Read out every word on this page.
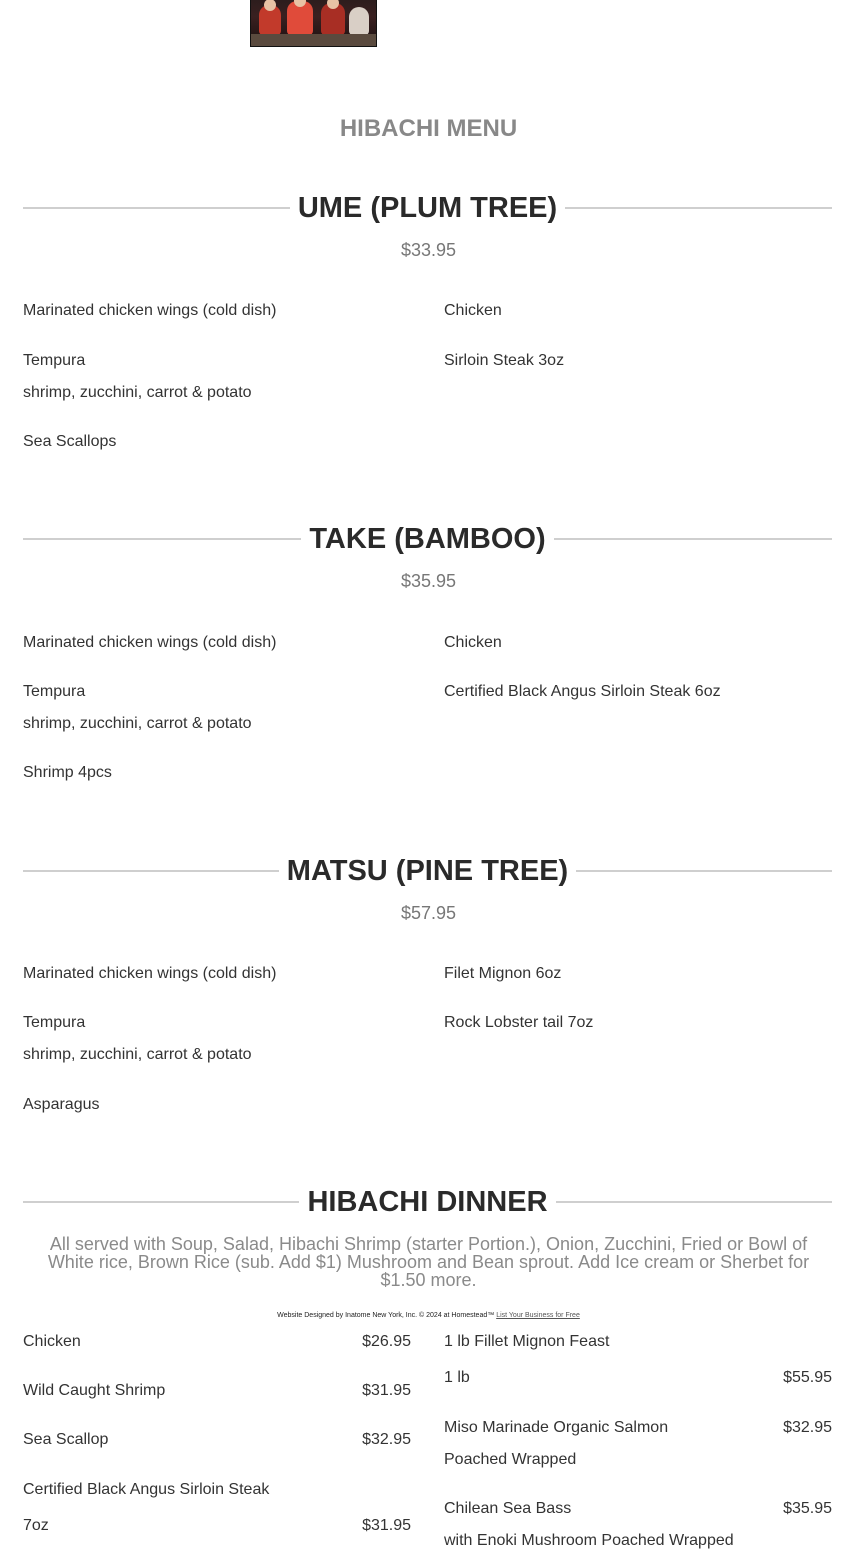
HIBACHI MENU
UME (PLUM TREE)
$33.95
Marinated chicken wings (cold dish)
Tempura
shrimp, zucchini, carrot & potato
Sea Scallops
Chicken
Sirloin Steak 3oz
TAKE (BAMBOO)
$35.95
Marinated chicken wings (cold dish)
Tempura
shrimp, zucchini, carrot & potato
Shrimp 4pcs
Chicken
Certified Black Angus Sirloin Steak 6oz
MATSU (PINE TREE)
$57.95
Marinated chicken wings (cold dish)
Tempura
shrimp, zucchini, carrot & potato
Asparagus
Filet Mignon 6oz
Rock Lobster tail 7oz
HIBACHI DINNER
All served with Soup, Salad, Hibachi Shrimp (starter Portion.), Onion, Zucchini, Fried or Bowl of White rice, Brown Rice (sub. Add $1) Mushroom and Bean sprout. Add Ice cream or Sherbet for $1.50 more.
Website Designed by Inatome New York, Inc. © 2024 at Homestead™ List Your Business for Free
Chicken	$26.95
Wild Caught Shrimp	$31.95
Sea Scallop	$32.95
Certified Black Angus Sirloin Steak
7oz	$31.95
1 lb Fillet Mignon Feast
1 lb	$55.95
Miso Marinade Organic Salmon	$32.95
Poached Wrapped
Chilean Sea Bass	$35.95
with Enoki Mushroom Poached Wrapped
